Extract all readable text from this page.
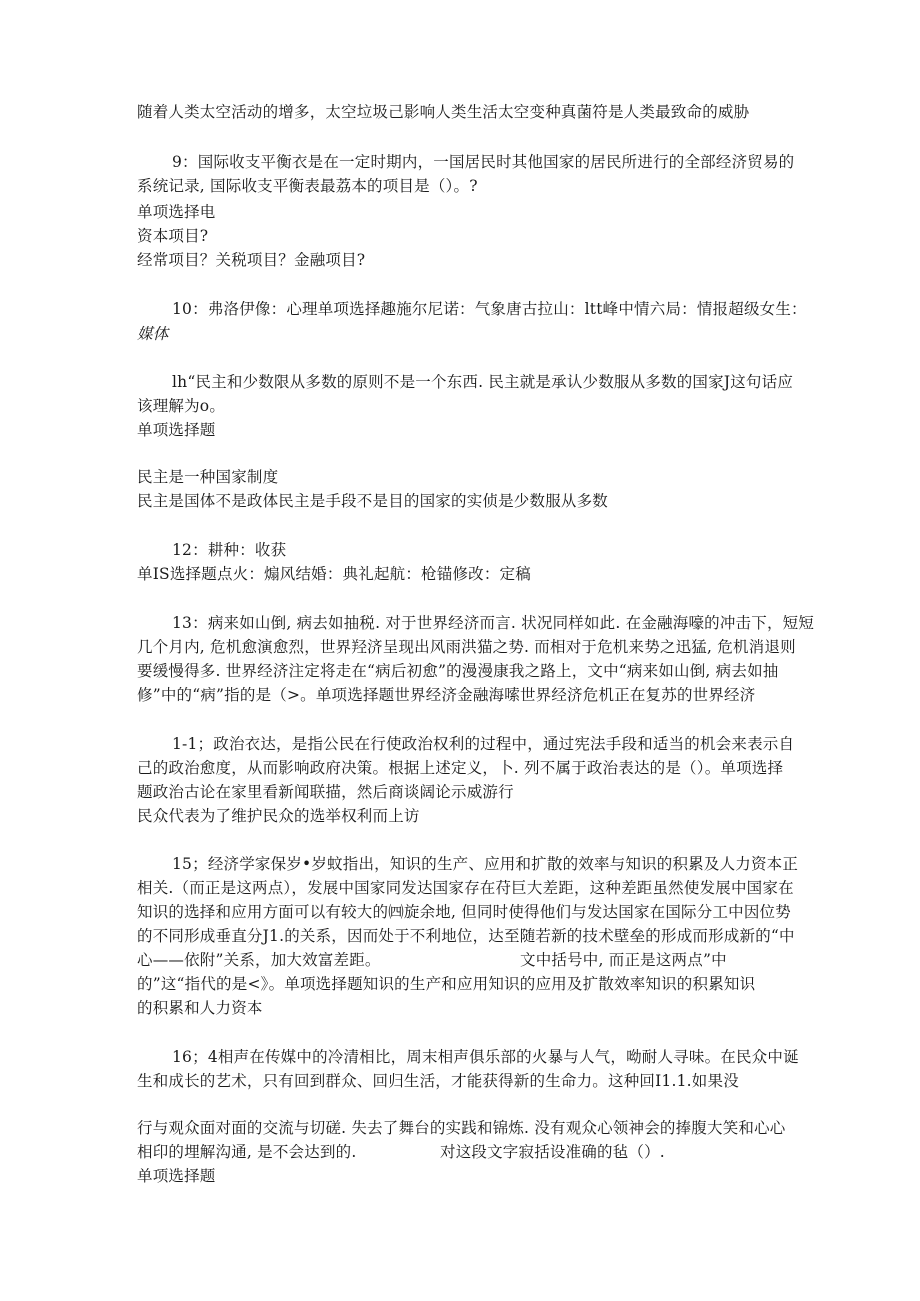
随着人类太空活动的增多，太空垃圾己影响人类生活太空变种真菌符是人类最致命的威胁
9：国际收支平衡衣是在一定时期内，一国居民时其他国家的居民所进行的全部经济贸易的
系统记录, 国际收支平衡表最荔本的项目是（）。?
单项选择电
资本项目?
经常项目？关税项目？金融项目?
10：弗洛伊像：心理单项选择趣施尔尼诺：气象唐古拉山：ltt峰中情六局：情报超级女生：
媒体
lh“民主和少数限从多数的原则不是一个东西. 民主就是承认少数服从多数的国家J这句话应
该理解为o。
单项选择题
民主是一种国家制度
民主是国体不是政体民主是手段不是目的国家的实侦是少数服从多数
12：耕种：收获
单IS选择题点火：煽风结婚：典礼起航：枪锚修改：定稿
13：病来如山倒, 病去如抽税. 对于世界经济而言. 状况同样如此. 在金融海嚎的冲击下，短短
几个月内, 危机愈演愈烈，世界羟济呈现出风雨洪猫之势. 而相对于危机来势之迅猛, 危机消退则
要缓慢得多. 世界经济注定将走在“病后初愈”的漫漫康我之路上，文中“病来如山倒, 病去如抽
修”中的“病”指的是（>。单项选择题世界经济金融海嗦世界经济危机正在复苏的世界经济
1-1；政治衣达，是指公民在行使政治权利的过程中，通过宪法手段和适当的机会来表示自
己的政治愈度，从而影响政府决策。根据上述定义，卜. 列不属于政治表达的是（）。单项选择
题政治古论在家里看新闻联描，然后商谈阔论示威游行
民众代表为了维护民众的选举权利而上访
15；经济学家保岁•岁蚊指出，知识的生产、应用和扩散的效率与知识的积累及人力资本正
相关.（而正是这两点），发展中国家同发达国家存在苻巨大差距，这种差距虽然使发展中国家在
知识的选择和应用方面可以有较大的㈣旋余地, 但同时使得他们与发达国家在国际分工中因位势
的不同形成垂直分J1.的关系，因而处于不利地位，达至随若新的技术壁垒的形成而形成新的“中
心——依附”关系，加大效富差距。	文中括号中, 而正是这两点”中
的”这“指代的是<》。单项选择题知识的生产和应用知识的应用及扩散效率知识的积累知识
的积累和人力资本
16；4相声在传媒中的冷清相比，周末相声俱乐部的火暴与人气，呦耐人寻味。在民众中诞
生和成长的艺术，只有回到群众、回归生活，才能获得新的生命力。这种回I1.1.如果没
行与观众面对面的交流与切磋. 失去了舞台的实践和锦炼. 没有观众心领神会的捧腹大笑和心心
相印的埋解沟通, 是不会达到的.	对这段文字寂括设准确的毡（）.
单项选择题
